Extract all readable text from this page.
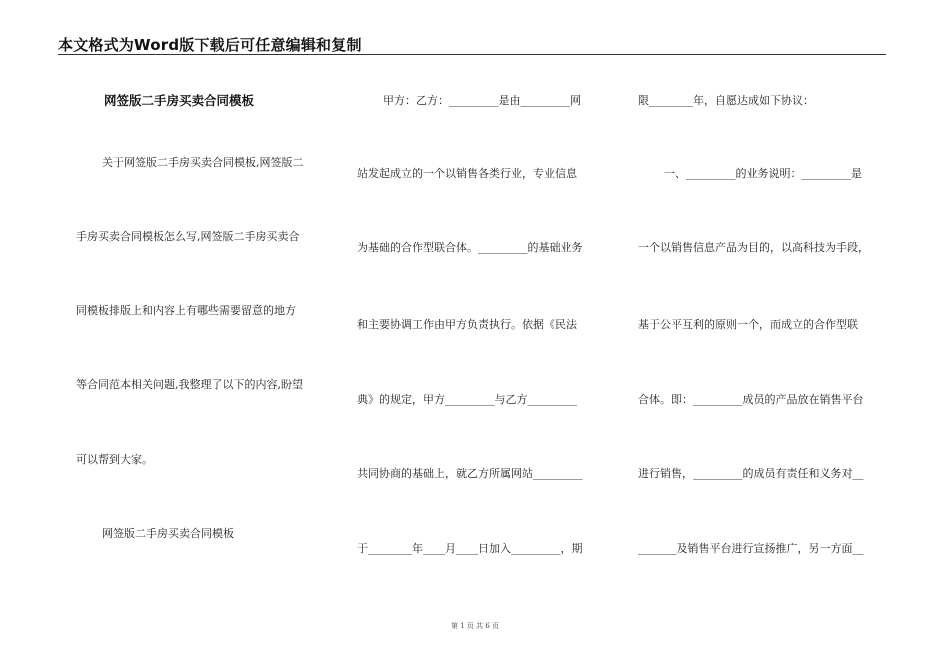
本文格式为Word版下载后可任意编辑和复制
网签版二手房买卖合同模板
关于网签版二手房买卖合同模板,网签版二
手房买卖合同模板怎么写,网签版二手房买卖合
同模板排版上和内容上有哪些需要留意的地方
等合同范本相关问题,我整理了以下的内容,盼望
可以帮到大家。
网签版二手房买卖合同模板
甲方：乙方：_________是由_________网
站发起成立的一个以销售各类行业，专业信息
为基础的合作型联合体。_________的基础业务
和主要协调工作由甲方负责执行。依据《民法
典》的规定，甲方_________与乙方_________
共同协商的基础上，就乙方所属网站_________
于________年____月____日加入_________，期
限________年，自愿达成如下协议：
一、_________的业务说明：_________是
一个以销售信息产品为目的，以高科技为手段，
基于公平互利的原则一个，而成立的合作型联
合体。即：_________成员的产品放在销售平台
进行销售，_________的成员有责任和义务对__
_______及销售平台进行宣扬推广，另一方面__
第 1 页 共 6 页
